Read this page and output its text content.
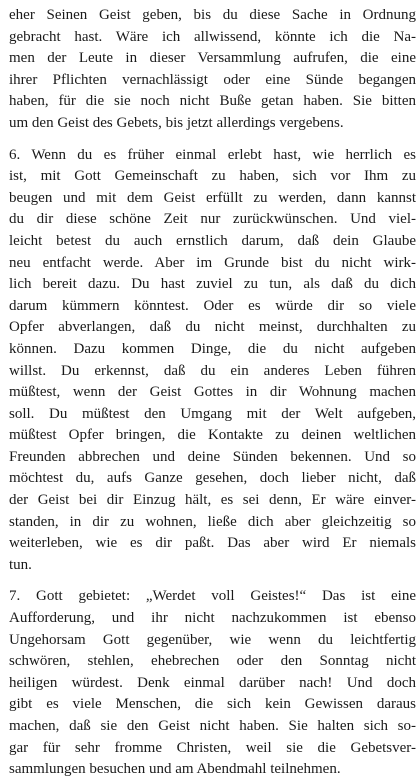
eher Seinen Geist geben, bis du diese Sache in Ordnung
gebracht hast. Wäre ich allwissend, könnte ich die Na-
men der Leute in dieser Versammlung aufrufen, die eine
ihrer Pflichten vernachlässigt oder eine Sünde begangen
haben, für die sie noch nicht Buße getan haben. Sie bitten
um den Geist des Gebets, bis jetzt allerdings vergebens.
6. Wenn du es früher einmal erlebt hast, wie herrlich es
ist, mit Gott Gemeinschaft zu haben, sich vor Ihm zu
beugen und mit dem Geist erfüllt zu werden, dann kannst
du dir diese schöne Zeit nur zurückwünschen. Und viel-
leicht betest du auch ernstlich darum, daß dein Glaube
neu entfacht werde. Aber im Grunde bist du nicht wirk-
lich bereit dazu. Du hast zuviel zu tun, als daß du dich
darum kümmern könntest. Oder es würde dir so viele
Opfer abverlangen, daß du nicht meinst, durchhalten zu
können. Dazu kommen Dinge, die du nicht aufgeben
willst. Du erkennst, daß du ein anderes Leben führen
müßtest, wenn der Geist Gottes in dir Wohnung machen
soll. Du müßtest den Umgang mit der Welt aufgeben,
müßtest Opfer bringen, die Kontakte zu deinen weltlichen
Freunden abbrechen und deine Sünden bekennen. Und so
möchtest du, aufs Ganze gesehen, doch lieber nicht, daß
der Geist bei dir Einzug hält, es sei denn, Er wäre einver-
standen, in dir zu wohnen, ließe dich aber gleichzeitig so
weiterleben, wie es dir paßt. Das aber wird Er niemals
tun.
7. Gott gebietet: „Werdet voll Geistes!“ Das ist eine
Aufforderung, und ihr nicht nachzukommen ist ebenso
Ungehorsam Gott gegenüber, wie wenn du leichtfertig
schwören, stehlen, ehebrechen oder den Sonntag nicht
heiligen würdest. Denk einmal darüber nach! Und doch
gibt es viele Menschen, die sich kein Gewissen daraus
machen, daß sie den Geist nicht haben. Sie halten sich so-
gar für sehr fromme Christen, weil sie die Gebetsver-
sammlungen besuchen und am Abendmahl teilnehmen.
